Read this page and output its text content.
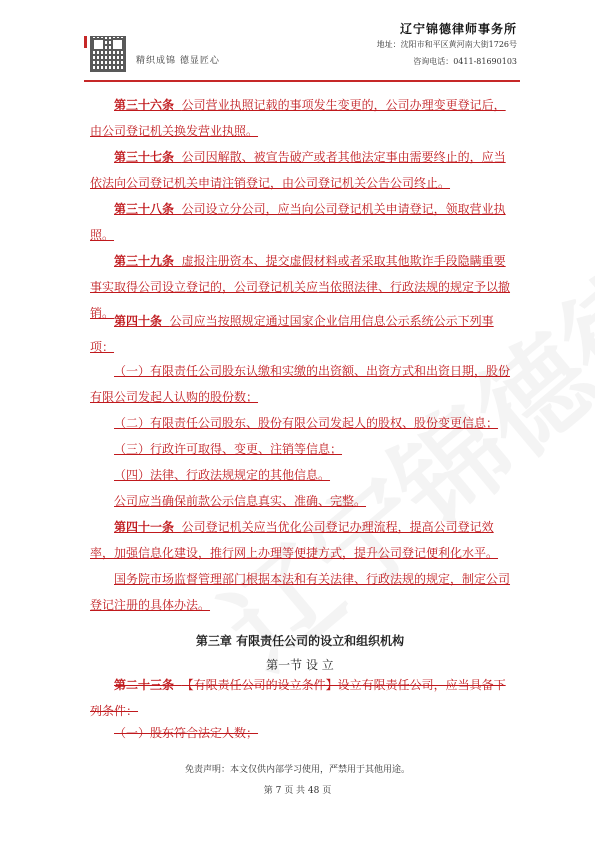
精织成锦 德显匠心
辽宁锦德律师事务所
地址：沈阳市和平区黄河南大街1726号
咨询电话：0411-81690103
第三十六条 公司营业执照记载的事项发生变更的，公司办理变更登记后，由公司登记机关换发营业执照。
第三十七条 公司因解散、被宣告破产或者其他法定事由需要终止的，应当依法向公司登记机关申请注销登记，由公司登记机关公告公司终止。
第三十八条 公司设立分公司，应当向公司登记机关申请登记，领取营业执照。
第三十九条 虚报注册资本、提交虚假材料或者采取其他欺诈手段隐瞒重要事实取得公司设立登记的，公司登记机关应当依照法律、行政法规的规定予以撤销。
第四十条 公司应当按照规定通过国家企业信用信息公示系统公示下列事项：
（一）有限责任公司股东认缴和实缴的出资额、出资方式和出资日期，股份有限公司发起人认购的股份数；
（二）有限责任公司股东、股份有限公司发起人的股权、股份变更信息；
（三）行政许可取得、变更、注销等信息；
（四）法律、行政法规规定的其他信息。
公司应当确保前款公示信息真实、准确、完整。
第四十一条 公司登记机关应当优化公司登记办理流程，提高公司登记效率，加强信息化建设，推行网上办理等便捷方式，提升公司登记便利化水平。
国务院市场监督管理部门根据本法和有关法律、行政法规的规定，制定公司登记注册的具体办法。
第三章 有限责任公司的设立和组织机构
第一节 设 立
第二十三条 【有限责任公司的设立条件】设立有限责任公司，应当具备下列条件：
（一）股东符合法定人数；
免责声明：本文仅供内部学习使用，严禁用于其他用途。
第 7 页 共 48 页
